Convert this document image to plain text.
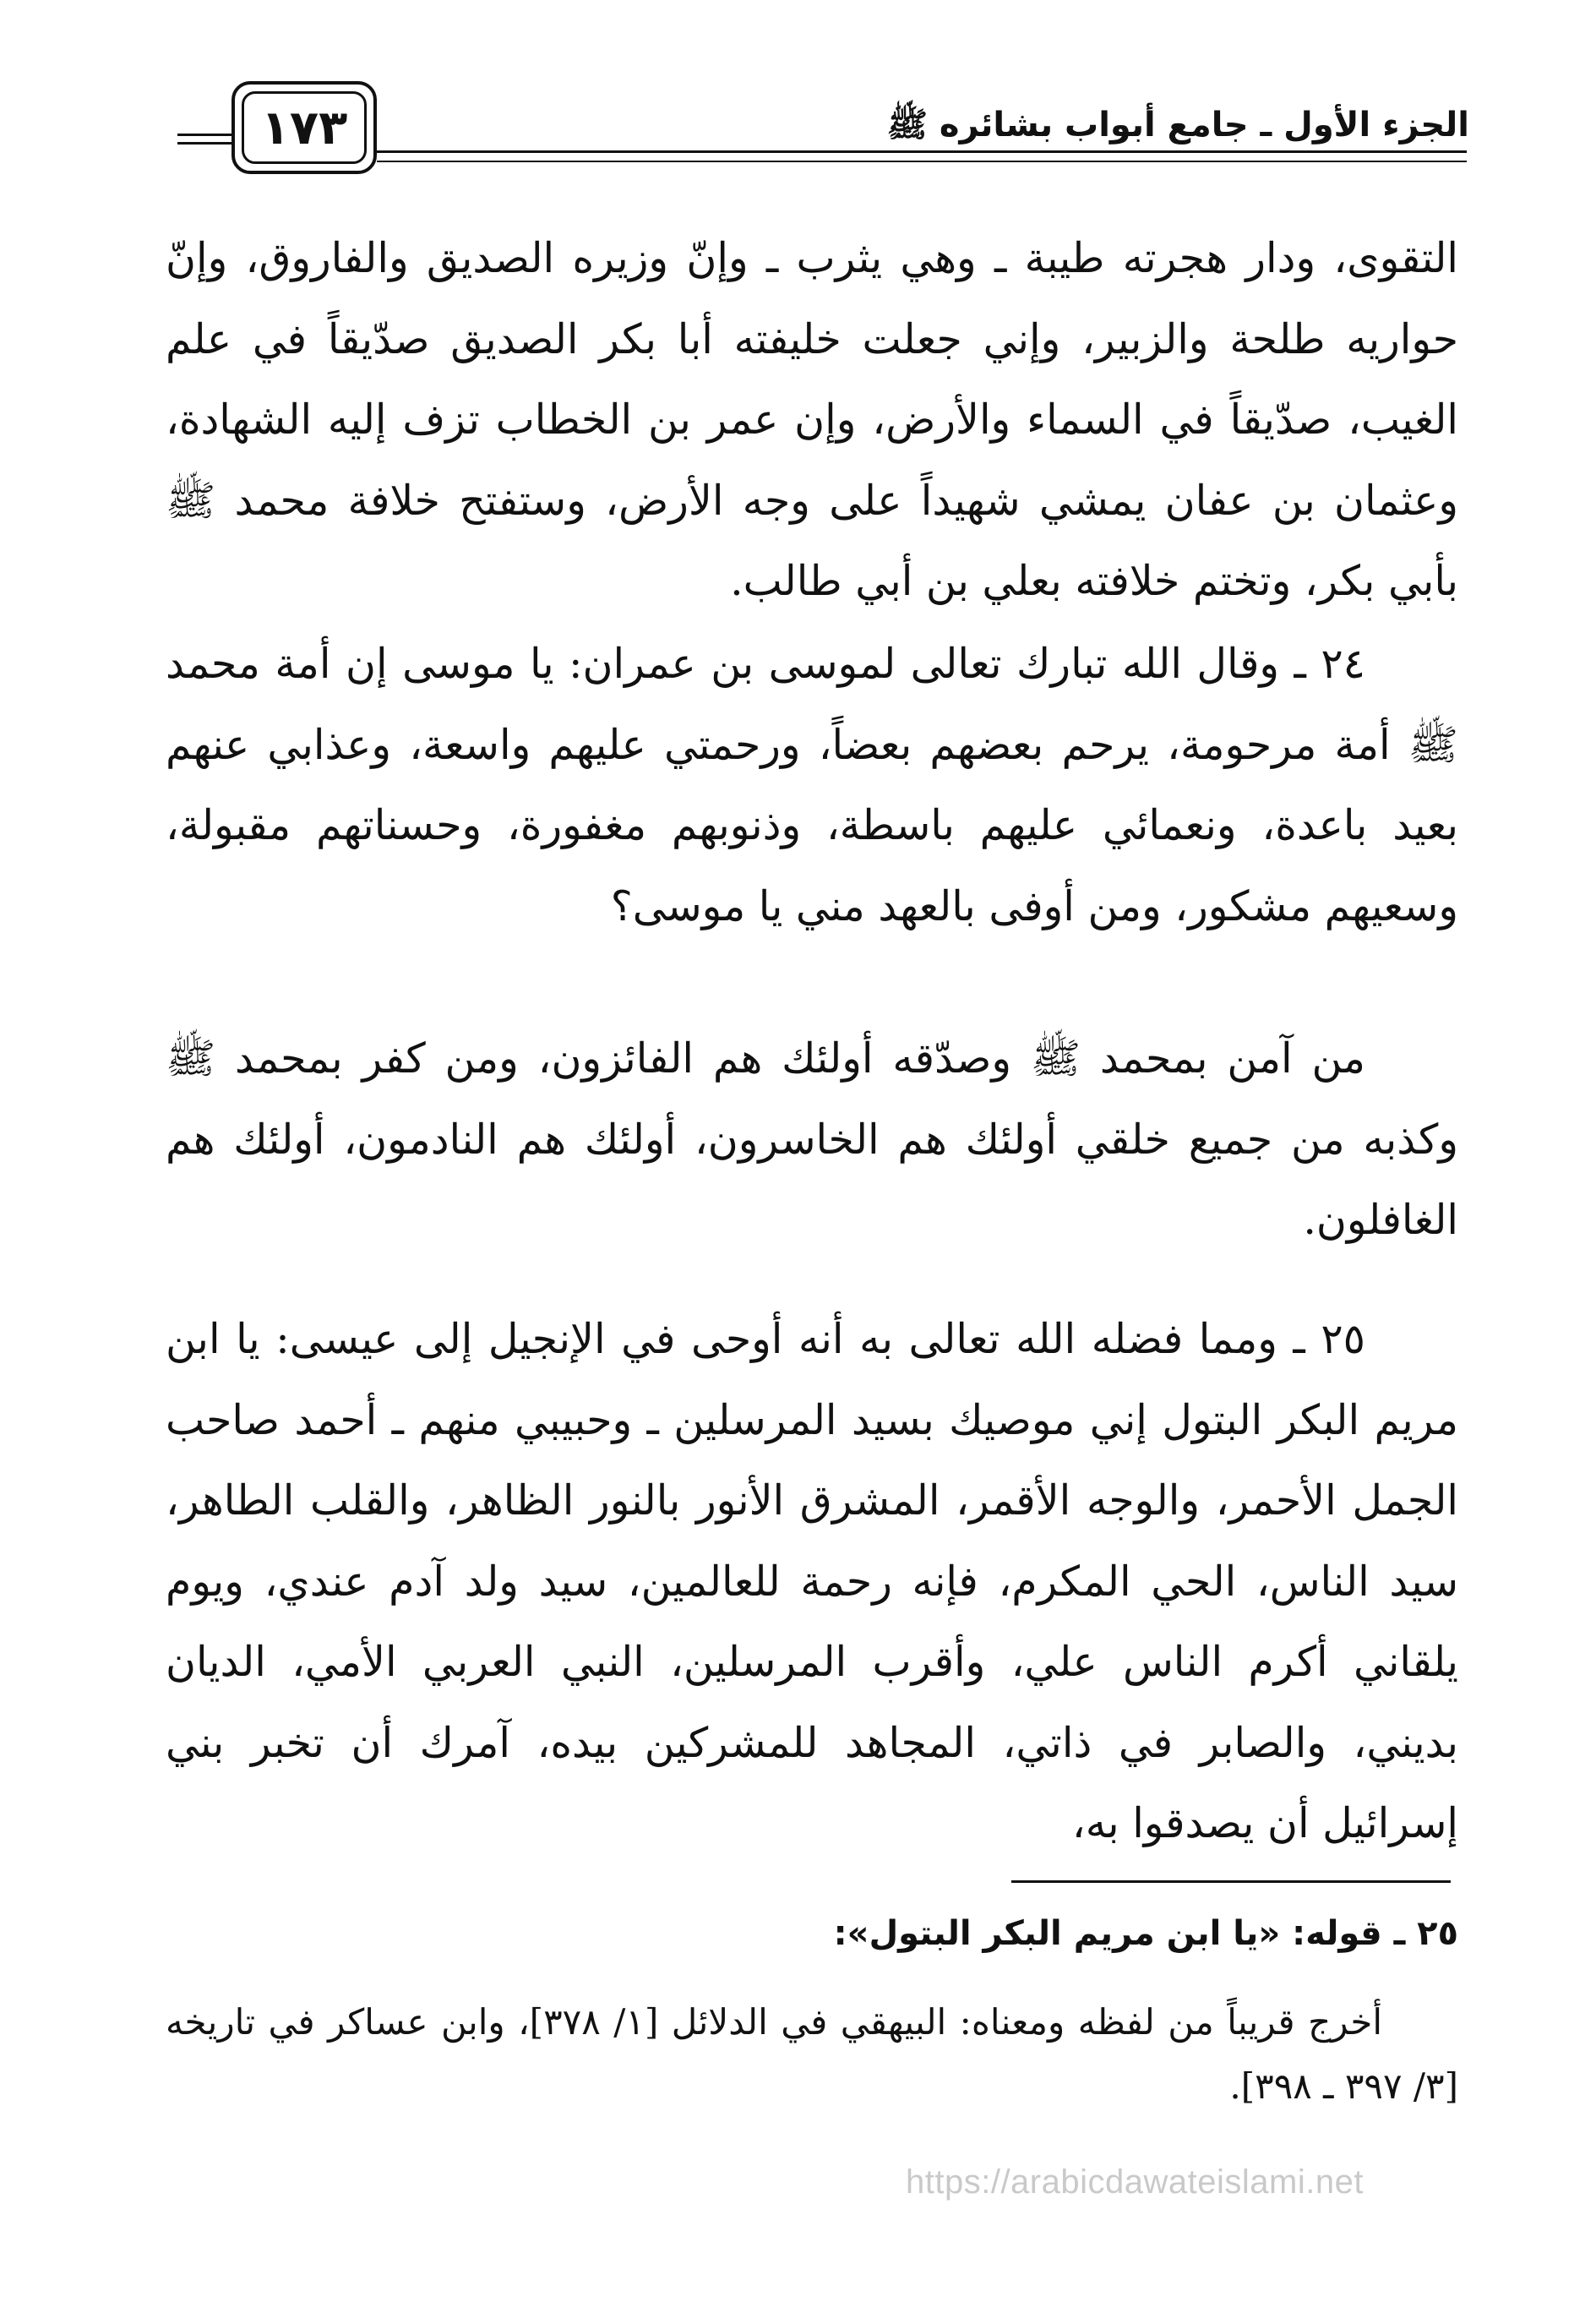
الجزء الأول ـ جامع أبواب بشائره ﷺ
١٧٣
التقوى، ودار هجرته طيبة ـ وهي يثرب ـ وإنّ وزيره الصديق والفاروق، وإنّ حواريه طلحة والزبير، وإني جعلت خليفته أبا بكر الصديق صدّيقاً في علم الغيب، صدّيقاً في السماء والأرض، وإن عمر بن الخطاب تزف إليه الشهادة، وعثمان بن عفان يمشي شهيداً على وجه الأرض، وستفتح خلافة محمد ﷺ بأبي بكر، وتختم خلافته بعلي بن أبي طالب.
٢٤ ـ وقال الله تبارك تعالى لموسى بن عمران: يا موسى إن أمة محمد ﷺ أمة مرحومة، يرحم بعضهم بعضاً، ورحمتي عليهم واسعة، وعذابي عنهم بعيد باعدة، ونعمائي عليهم باسطة، وذنوبهم مغفورة، وحسناتهم مقبولة، وسعيهم مشكور، ومن أوفى بالعهد مني يا موسى؟
من آمن بمحمد ﷺ وصدّقه أولئك هم الفائزون، ومن كفر بمحمد ﷺ وكذبه من جميع خلقي أولئك هم الخاسرون، أولئك هم النادمون، أولئك هم الغافلون.
٢٥ ـ ومما فضله الله تعالى به أنه أوحى في الإنجيل إلى عيسى: يا ابن مريم البكر البتول إني موصيك بسيد المرسلين ـ وحبيبي منهم ـ أحمد صاحب الجمل الأحمر، والوجه الأقمر، المشرق الأنور بالنور الظاهر، والقلب الطاهر، سيد الناس، الحي المكرم، فإنه رحمة للعالمين، سيد ولد آدم عندي، ويوم يلقاني أكرم الناس علي، وأقرب المرسلين، النبي العربي الأمي، الديان بديني، والصابر في ذاتي، المجاهد للمشركين بيده، آمرك أن تخبر بني إسرائيل أن يصدقوا به،
٢٥ ـ قوله: «يا ابن مريم البكر البتول»:
أخرج قريباً من لفظه ومعناه: البيهقي في الدلائل [١/ ٣٧٨]، وابن عساكر في تاريخه [٣/ ٣٩٧ ـ ٣٩٨].
https://arabicdawateislami.net
